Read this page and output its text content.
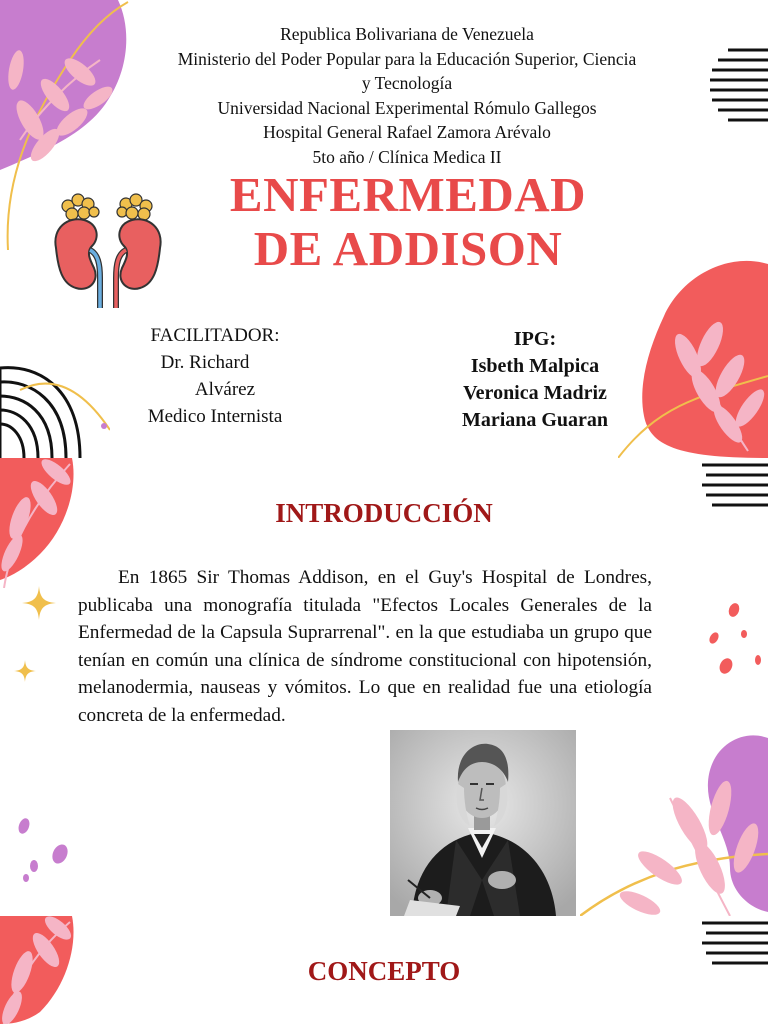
Republica Bolivariana de Venezuela
Ministerio del Poder Popular para la Educación Superior, Ciencia
y Tecnología
Universidad Nacional Experimental Rómulo Gallegos
Hospital General Rafael Zamora Arévalo
5to año / Clínica Medica II
ENFERMEDAD
DE ADDISON
FACILITADOR:
Dr. Richard
Alvárez
Medico Internista
IPG:
Isbeth Malpica
Veronica Madriz
Mariana Guaran
INTRODUCCIÓN

En 1865 Sir Thomas Addison, en el Guy's Hospital de Londres, publicaba una monografía titulada "Efectos Locales Generales de la Enfermedad de la Capsula Suprarrenal". en la que estudiaba un grupo que tenían en común una clínica de síndrome constitucional con hipotensión, melanodermia, nauseas y vómitos. Lo que en realidad fue una etiología concreta de la enfermedad.

CONCEPTO
